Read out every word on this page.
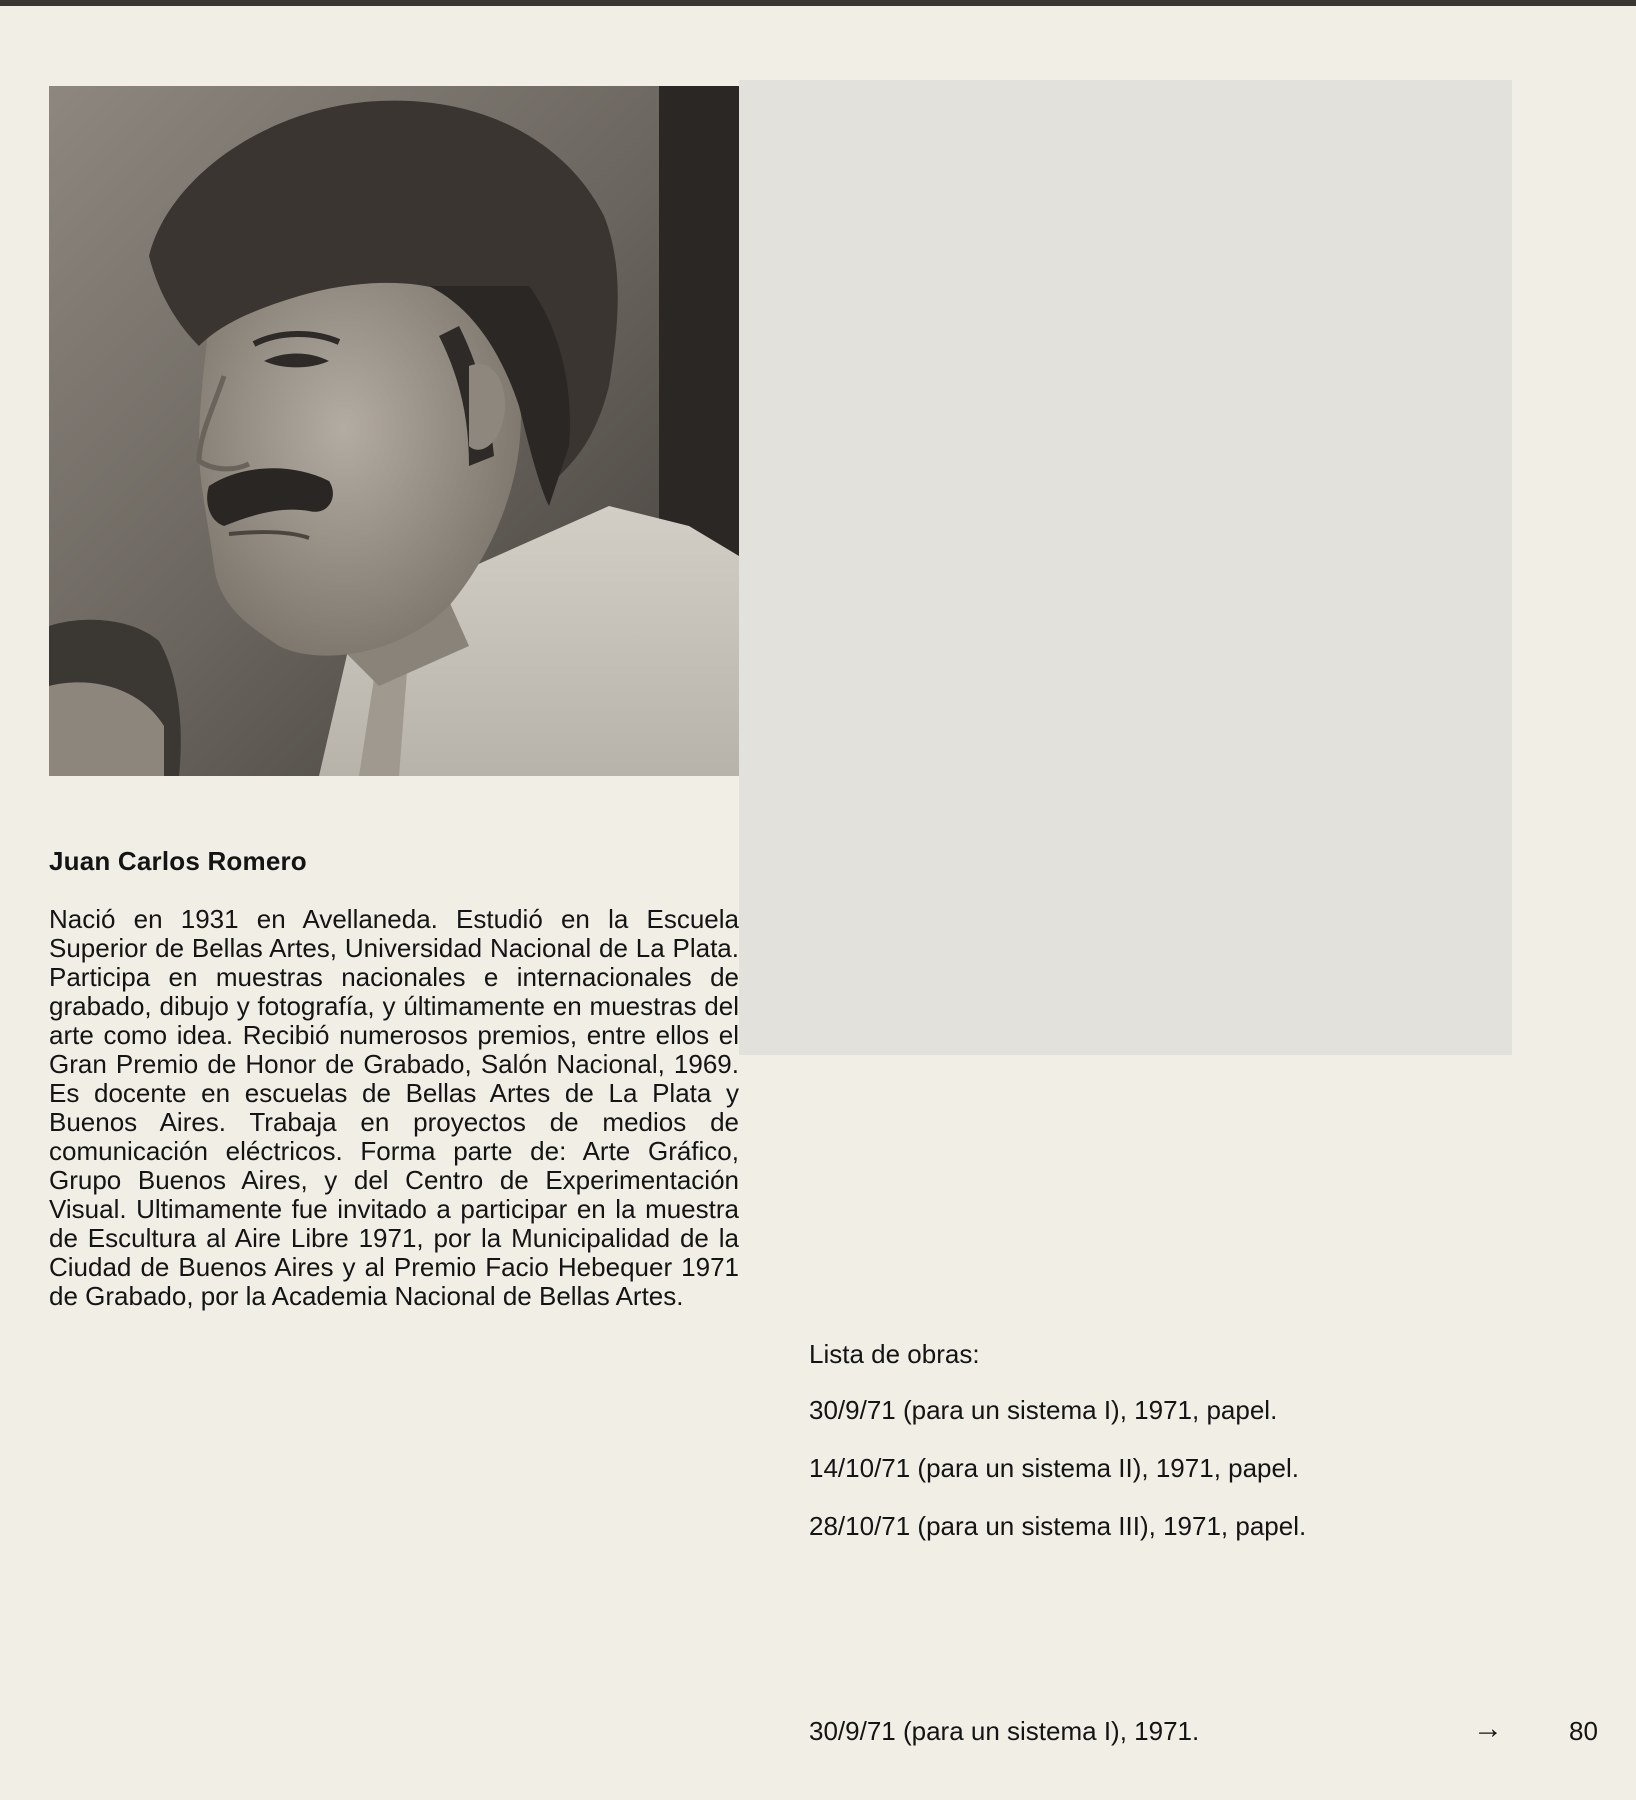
Juan Carlos Romero

Nació en 1931 en Avellaneda. Estudió en la Escuela Superior de Bellas Artes, Universidad Nacional de La Plata. Participa en muestras nacionales e internacionales de grabado, dibujo y fotografía, y últimamente en muestras del arte como idea. Recibió numerosos premios, entre ellos el Gran Premio de Honor de Grabado, Salón Nacional, 1969. Es docente en escuelas de Bellas Artes de La Plata y Buenos Aires. Trabaja en proyectos de medios de comunicación eléctricos. Forma parte de: Arte Gráfico, Grupo Buenos Aires, y del Centro de Experimentación Visual. Ultimamente fue invitado a participar en la muestra de Escultura al Aire Libre 1971, por la Municipalidad de la Ciudad de Buenos Aires y al Premio Facio Hebequer 1971 de Grabado, por la Academia Nacional de Bellas Artes.

Lista de obras:

30/9/71 (para un sistema I), 1971, papel.
14/10/71 (para un sistema II), 1971, papel.
28/10/71 (para un sistema III), 1971, papel.
30/9/71 (para un sistema I), 1971.	→	80
